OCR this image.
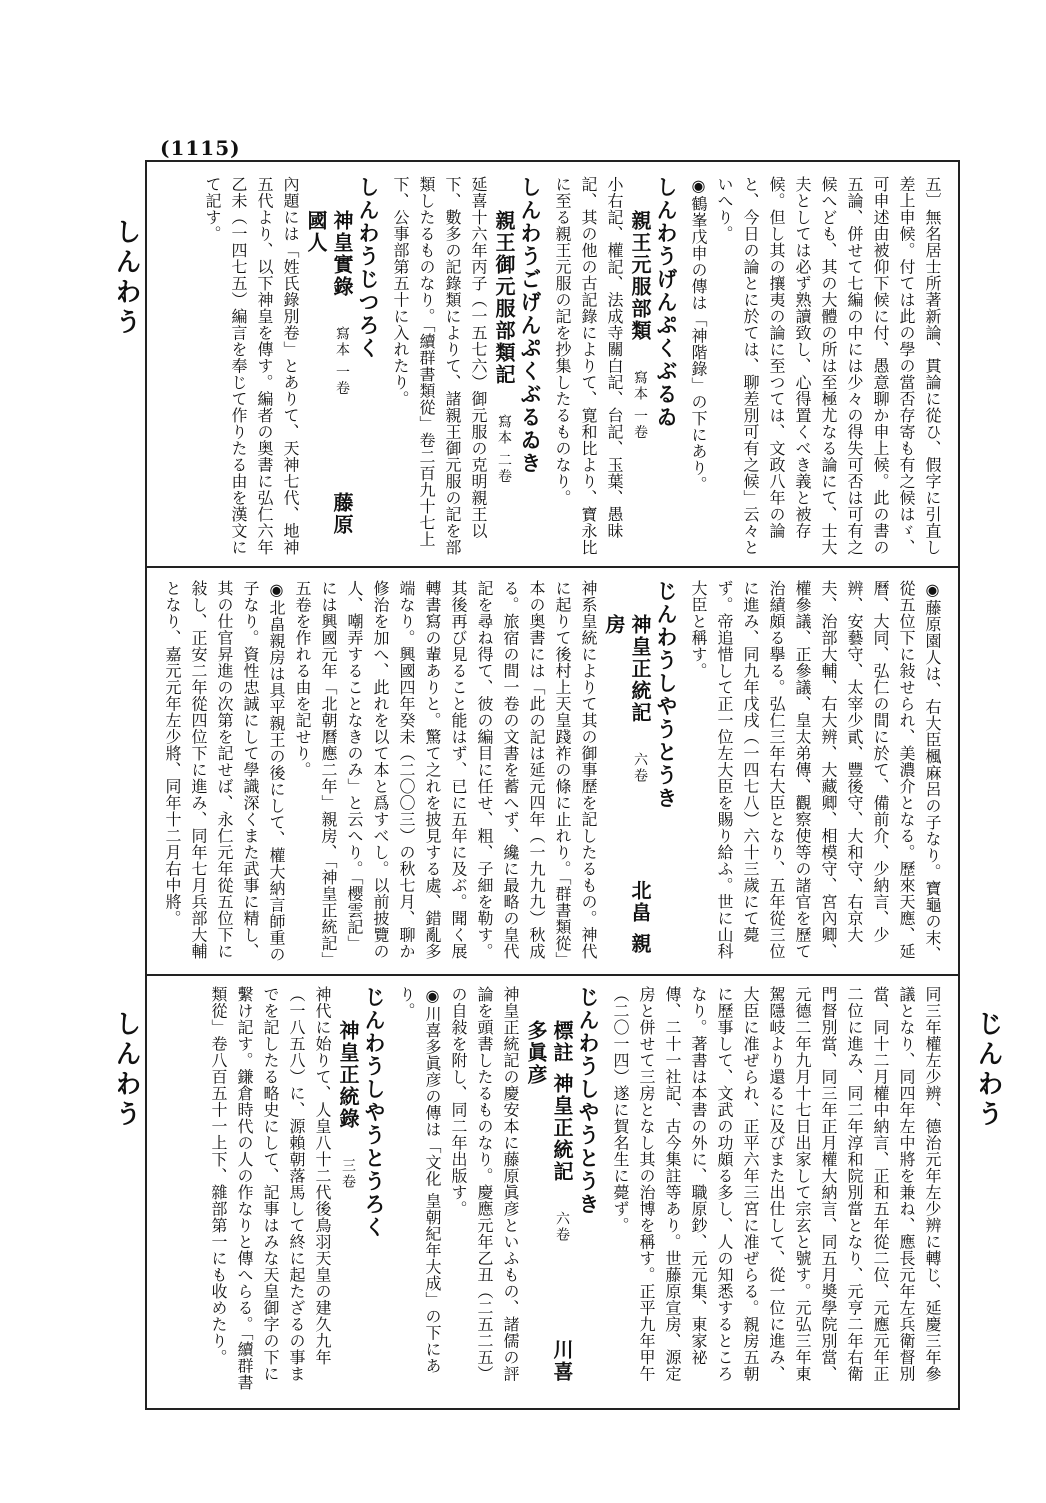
(1115)
しんわう
しんわう	じんわう

五〕無名居士所著新論、貫論に從ひ、假字に引直し差上申候。付ては此の學の當否存寄も有之候はゞ、可申述由被仰下候に付、愚意聊か申上候。此の書の五論、併せて七編の中には少々の得失可否は可有之候へども、其の大體の所は至極尤なる論にて、士大夫としては必ず熟讀致し、心得置くべき義と被存候。但し其の攘夷の論に至つては、文政八年の論と、今日の論とに於ては、聊差別可有之候」云々といへり。

◉鶴峯戊申の傳は「神階錄」の下にあり。

しんわうげんぷくぶるゐ
親王元服部類　寫本 一卷

小右記、權記、法成寺關白記、台記、玉葉、愚昧記、其の他の古記錄によりて、寛和比より、寶永比に至る親王元服の記を抄集したるものなり。

しんわうごげんぷくぶるゐき
親王御元服部類記　寫本 二卷

延喜十六年丙子（一五七六）御元服の克明親王以下、數多の記錄類によりて、諸親王御元服の記を部類したるものなり。「續群書類從」卷二百九十七上下、公事部第五十に入れたり。

しんわうじつろく
神皇實錄　寫本 一卷　　藤原 國人

內題には「姓氏錄別卷」とありて、天神七代、地神五代より、以下神皇を傳す。編者の奥書に弘仁六年乙未（一四七五）編言を奉じて作りたる由を漢文にて記す。

◉藤原園人は、右大臣楓麻呂の子なり。寶龜の末、從五位下に敍せられ、美濃介となる。歷來天應、延曆、大同、弘仁の間に於て、備前介、少納言、少辨、安藝守、太宰少貳、豐後守、大和守、右京大夫、治部大輔、右大辨、大藏卿、相模守、宮內卿、權參議、正參議、皇太弟傳、觀察使等の諸官を歷て治績頗る擧る。弘仁三年右大臣となり、五年從三位に進み、同九年戊戌（一四七八）六十三歲にて薨ず。帝追惜して正一位左大臣を賜り給ふ。世に山科大臣と稱す。

じんわうしやうとうき
神皇正統記　六卷　　北畠 親房

神系皇統によりて其の御事歷を記したるもの。神代に起りて後村上天皇踐祚の條に止れり。「群書類從」本の奥書には「此の記は延元四年（一九九九）秋成る。旅宿の間一卷の文書を蓄へず、纔に最略の皇代記を尋ね得て、彼の編目に任せ、粗、子細を勒す。其後再び見ること能はず、已に五年に及ぶ。聞く展轉書寫の輩ありと。驚て之れを披見する處、錯亂多端なり。興國四年癸未（二〇〇三）の秋七月、聊か修治を加へ、此れを以て本と爲すべし。以前披覽の人、嘲弄することなきのみ」と云へり。「樱雲記」には興國元年「北朝曆應二年」親房、「神皇正統記」五卷を作れる由を記せり。

◉北畠親房は具平親王の後にして、權大納言師重の子なり。資性忠誠にして學識深くまた武事に精し、其の仕官昇進の次第を記せば、永仁元年從五位下に敍し、正安二年從四位下に進み、同年七月兵部大輔となり、嘉元元年左少將、同年十二月右中將。

同三年權左少辨、德治元年左少辨に轉じ、延慶三年參議となり、同四年左中將を兼ね、應長元年左兵衛督別當、同十二月權中納言、正和五年從二位、元應元年正二位に進み、同二年淳和院別當となり、元亨二年右衛門督別當、同三年正月權大納言、同五月奬學院別當、元德二年九月十七日出家して宗玄と號す。元弘三年東駕隱岐より還るに及びまた出仕して、從一位に進み、大臣に准ぜられ、正平六年三宮に准ぜらる。親房五朝に歷事して、文武の功頗る多し、人の知悉するところなり。著書は本書の外に、職原鈔、元元集、東家祕傳、二十一社記、古今集註等あり。世藤原宣房、源定房と併せて三房となし其の治博を稱す。正平九年甲午（二〇一四）遂に賀名生に薨ず。

じんわうしやうとうき
標註 神皇正統記　六卷　　川喜多眞彦

神皇正統記の慶安本に藤原眞彦といふもの、諸儒の評論を頭書したるものなり。慶應元年乙丑（二五二五）の自敍を附し、同二年出版す。

◉川喜多眞彦の傳は「文化 皇朝紀年大成」の下にあり。

じんわうしやうとうろく
神皇正統錄　三卷

神代に始りて、人皇八十二代後鳥羽天皇の建久九年（一八五八）に、源賴朝落馬して終に起たざるの事までを記したる略史にして、記事はみな天皇御字の下に繫け記す。鎌倉時代の人の作なりと傳へらる。「續群書類從」卷八百五十一上下、雜部第一にも收めたり。
